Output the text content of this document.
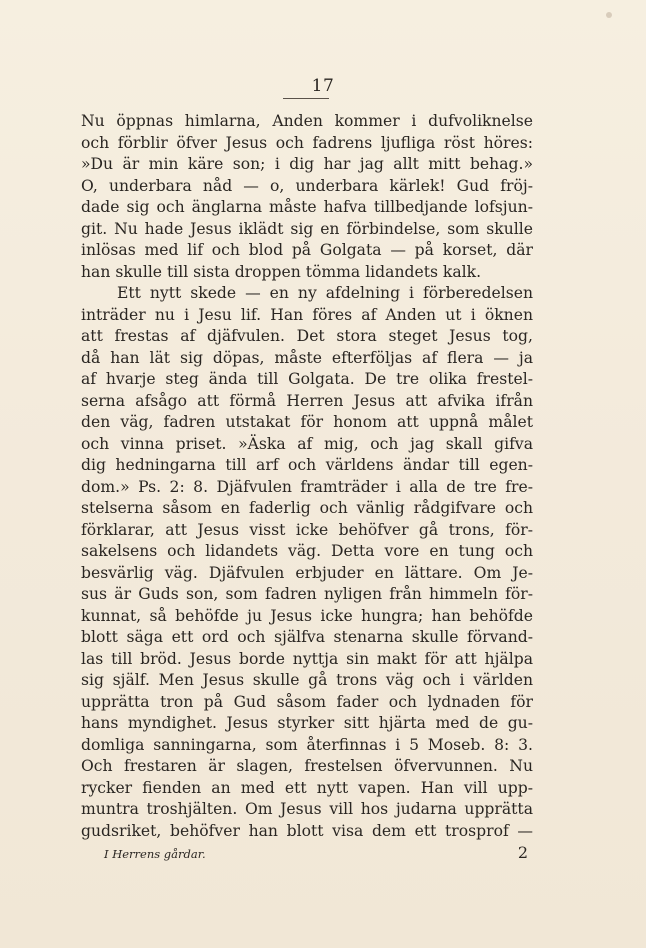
17
Nu öppnas himlarna, Anden kommer i dufvoliknelse
och förblir öfver Jesus och fadrens ljufliga röst höres:
»Du är min käre son; i dig har jag allt mitt behag.»
O, underbara nåd — o, underbara kärlek! Gud fröj-
dade sig och änglarna måste hafva tillbedjande lofsjun-
git. Nu hade Jesus iklädt sig en förbindelse, som skulle
inlösas med lif och blod på Golgata — på korset, där
han skulle till sista droppen tömma lidandets kalk.
Ett nytt skede — en ny afdelning i förberedelsen
inträder nu i Jesu lif. Han föres af Anden ut i öknen
att frestas af djäfvulen. Det stora steget Jesus tog,
då han lät sig döpas, måste efterföljas af flera — ja
af hvarje steg ända till Golgata. De tre olika frestel-
serna afsågo att förmå Herren Jesus att afvika ifrån
den väg, fadren utstakat för honom att uppnå målet
och vinna priset. »Äska af mig, och jag skall gifva
dig hedningarna till arf och världens ändar till egen-
dom.» Ps. 2: 8. Djäfvulen framträder i alla de tre fre-
stelserna såsom en faderlig och vänlig rådgifvare och
förklarar, att Jesus visst icke behöfver gå trons, för-
sakelsens och lidandets väg. Detta vore en tung och
besvärlig väg. Djäfvulen erbjuder en lättare. Om Je-
sus är Guds son, som fadren nyligen från himmeln för-
kunnat, så behöfde ju Jesus icke hungra; han behöfde
blott säga ett ord och själfva stenarna skulle förvand-
las till bröd. Jesus borde nyttja sin makt för att hjälpa
sig själf. Men Jesus skulle gå trons väg och i världen
upprätta tron på Gud såsom fader och lydnaden för
hans myndighet. Jesus styrker sitt hjärta med de gu-
domliga sanningarna, som återfinnas i 5 Moseb. 8: 3.
Och frestaren är slagen, frestelsen öfvervunnen. Nu
rycker fienden an med ett nytt vapen. Han vill upp-
muntra troshjälten. Om Jesus vill hos judarna upprätta
gudsriket, behöfver han blott visa dem ett trosprof —
I Herrens gårdar.	2
